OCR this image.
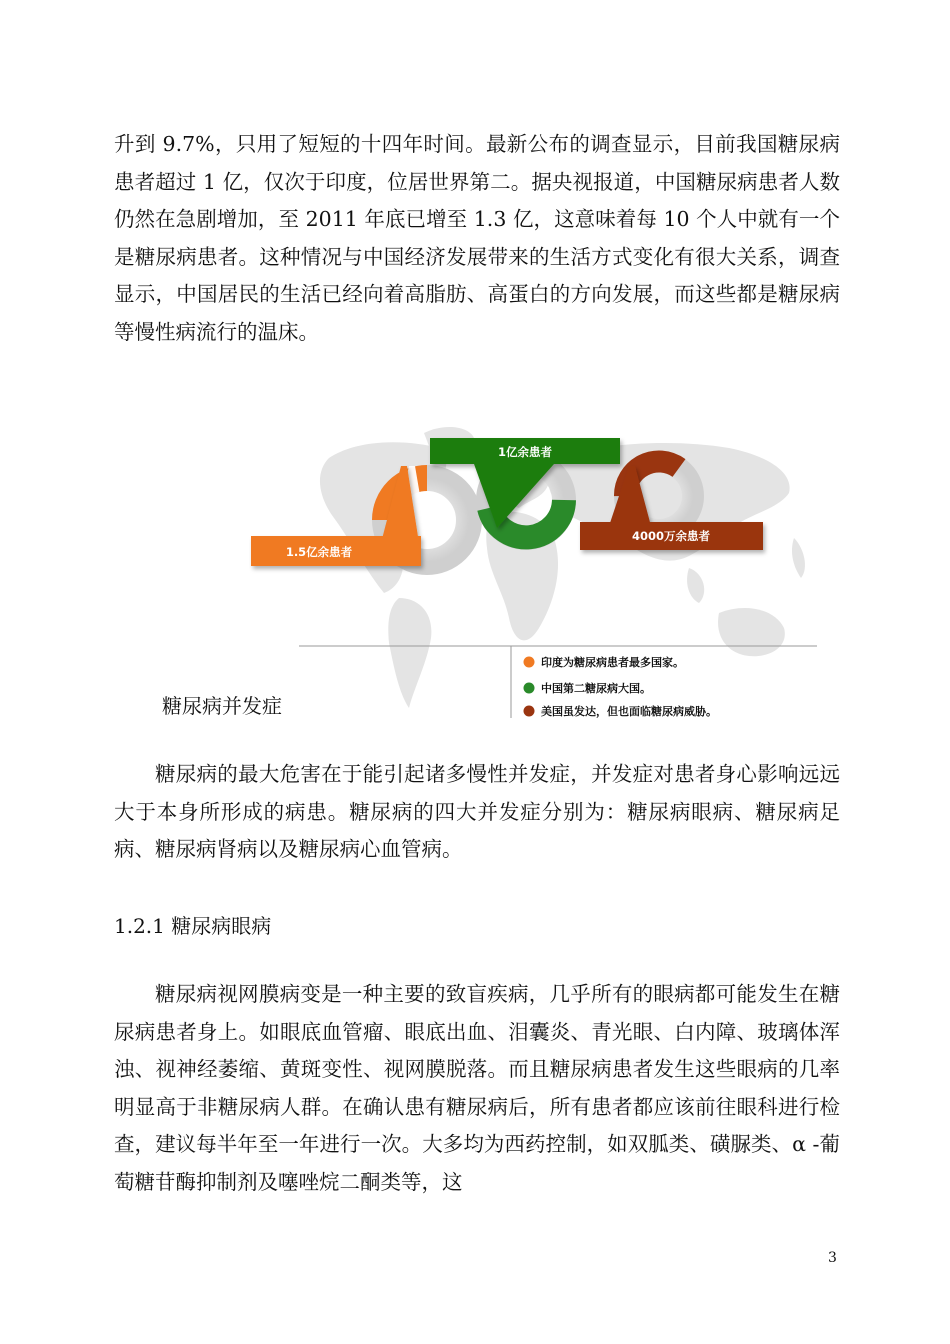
升到 9.7%，只用了短短的十四年时间。最新公布的调查显示，目前我国糖尿病患者超过 1 亿，仅次于印度，位居世界第二。据央视报道，中国糖尿病患者人数仍然在急剧增加，至 2011 年底已增至 1.3 亿，这意味着每 10 个人中就有一个是糖尿病患者。这种情况与中国经济发展带来的生活方式变化有很大关系，调查显示，中国居民的生活已经向着高脂肪、高蛋白的方向发展，而这些都是糖尿病等慢性病流行的温床。

1.5亿余患者
1亿余患者
4000万余患者
印度为糖尿病患者最多国家。
中国第二糖尿病大国。
美国虽发达，但也面临糖尿病威胁。
糖尿病并发症

糖尿病的最大危害在于能引起诸多慢性并发症，并发症对患者身心影响远远大于本身所形成的病患。糖尿病的四大并发症分别为：糖尿病眼病、糖尿病足病、糖尿病肾病以及糖尿病心血管病。

1.2.1 糖尿病眼病

糖尿病视网膜病变是一种主要的致盲疾病，几乎所有的眼病都可能发生在糖尿病患者身上。如眼底血管瘤、眼底出血、泪囊炎、青光眼、白内障、玻璃体浑浊、视神经萎缩、黄斑变性、视网膜脱落。而且糖尿病患者发生这些眼病的几率明显高于非糖尿病人群。在确认患有糖尿病后，所有患者都应该前往眼科进行检查，建议每半年至一年进行一次。大多均为西药控制，如双胍类、磺脲类、α -葡萄糖苷酶抑制剂及噻唑烷二酮类等，这

3
